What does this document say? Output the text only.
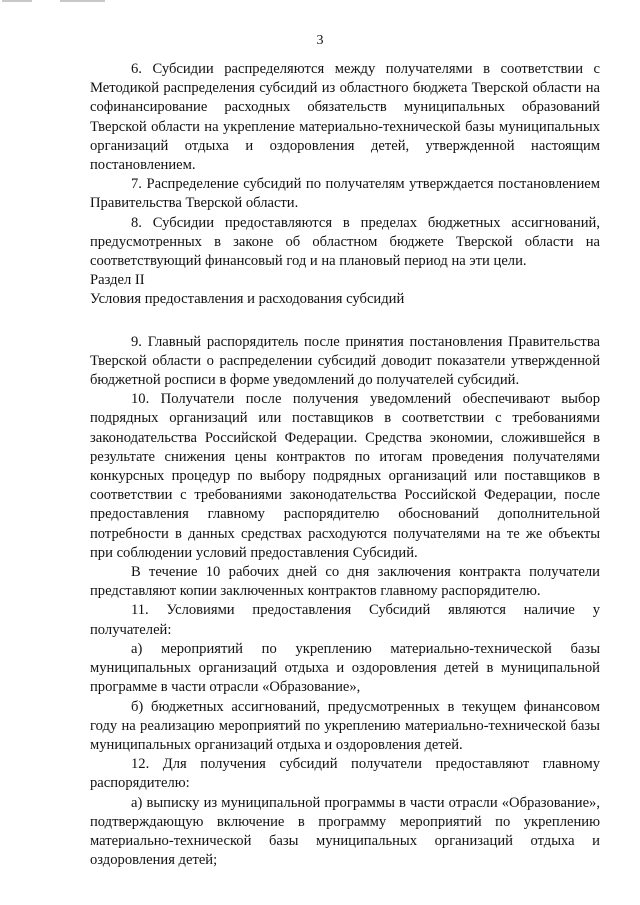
3

6. Субсидии распределяются между получателями в соответствии с Методикой распределения субсидий из областного бюджета Тверской области на софинансирование расходных обязательств муниципальных образований Тверской области на укрепление материально-технической базы муниципальных организаций отдыха и оздоровления детей, утвержденной настоящим постановлением.

7. Распределение субсидий по получателям утверждается постановлением Правительства Тверской области.

8. Субсидии предоставляются в пределах бюджетных ассигнований, предусмотренных в законе об областном бюджете Тверской области на соответствующий финансовый год и на плановый период на эти цели.

Раздел II

Условия предоставления и расходования субсидий

9. Главный распорядитель после принятия постановления Правительства Тверской области о распределении субсидий доводит показатели утвержденной бюджетной росписи в форме уведомлений до получателей субсидий.

10. Получатели после получения уведомлений обеспечивают выбор подрядных организаций или поставщиков в соответствии с требованиями законодательства Российской Федерации. Средства экономии, сложившейся в результате снижения цены контрактов по итогам проведения получателями конкурсных процедур по выбору подрядных организаций или поставщиков в соответствии с требованиями законодательства Российской Федерации, после предоставления главному распорядителю обоснований дополнительной потребности в данных средствах расходуются получателями на те же объекты при соблюдении условий предоставления Субсидий.

В течение 10 рабочих дней со дня заключения контракта получатели представляют копии заключенных контрактов главному распорядителю.

11. Условиями предоставления Субсидий являются наличие у получателей:

а) мероприятий по укреплению материально-технической базы муниципальных организаций отдыха и оздоровления детей в муниципальной программе в части отрасли «Образование»,

б) бюджетных ассигнований, предусмотренных в текущем финансовом году на реализацию мероприятий по укреплению материально-технической базы муниципальных организаций отдыха и оздоровления детей.

12. Для получения субсидий получатели предоставляют главному распорядителю:

а) выписку из муниципальной программы в части отрасли «Образование», подтверждающую включение в программу мероприятий по укреплению материально-технической базы муниципальных организаций отдыха и оздоровления детей;
